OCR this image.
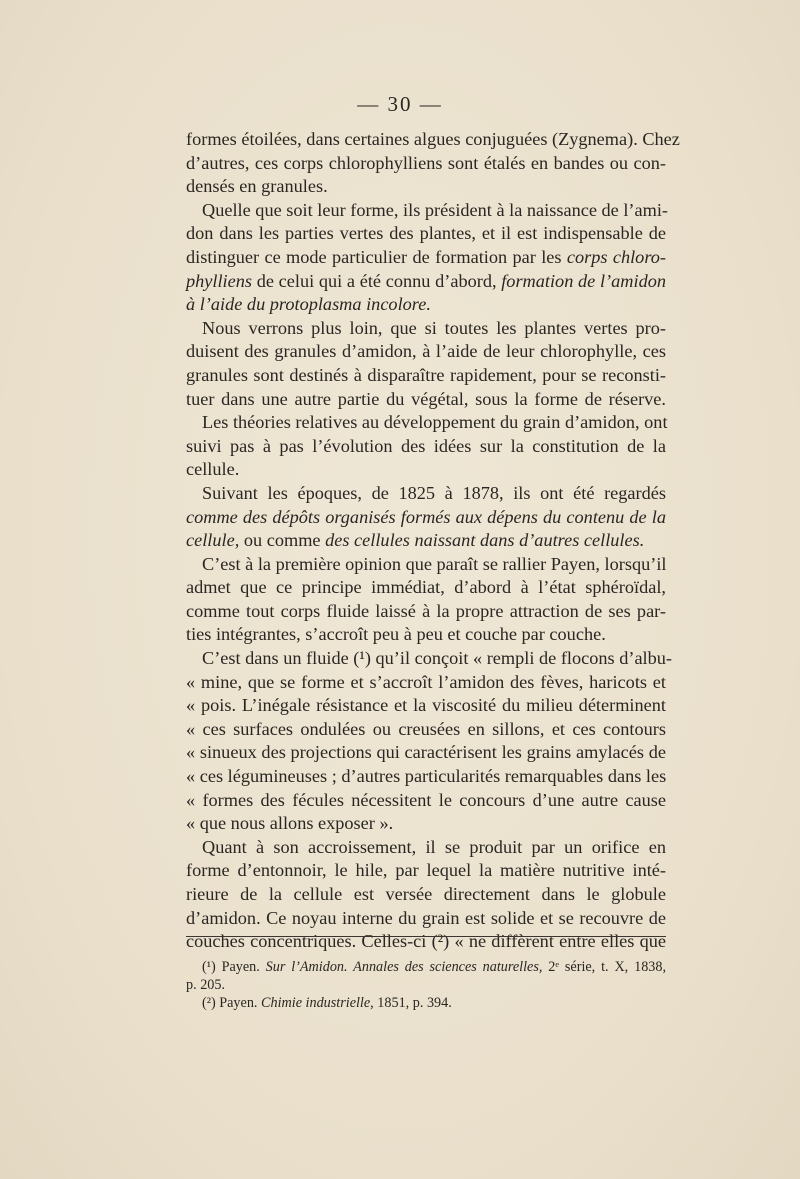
— 30 —
formes étoilées, dans certaines algues conjuguées (Zygnema). Chez
d’autres, ces corps chlorophylliens sont étalés en bandes ou con-
densés en granules.
Quelle que soit leur forme, ils président à la naissance de l’ami-
don dans les parties vertes des plantes, et il est indispensable de
distinguer ce mode particulier de formation par les corps chloro-
phylliens de celui qui a été connu d’abord, formation de l’amidon
à l’aide du protoplasma incolore.
Nous verrons plus loin, que si toutes les plantes vertes pro-
duisent des granules d’amidon, à l’aide de leur chlorophylle, ces
granules sont destinés à disparaître rapidement, pour se reconsti-
tuer dans une autre partie du végétal, sous la forme de réserve.
Les théories relatives au développement du grain d’amidon, ont
suivi pas à pas l’évolution des idées sur la constitution de la
cellule.
Suivant les époques, de 1825 à 1878, ils ont été regardés
comme des dépôts organisés formés aux dépens du contenu de la
cellule, ou comme des cellules naissant dans d’autres cellules.
C’est à la première opinion que paraît se rallier Payen, lorsqu’il
admet que ce principe immédiat, d’abord à l’état sphéroïdal,
comme tout corps fluide laissé à la propre attraction de ses par-
ties intégrantes, s’accroît peu à peu et couche par couche.
C’est dans un fluide (¹) qu’il conçoit « rempli de flocons d’albu-
« mine, que se forme et s’accroît l’amidon des fèves, haricots et
« pois. L’inégale résistance et la viscosité du milieu déterminent
« ces surfaces ondulées ou creusées en sillons, et ces contours
« sinueux des projections qui caractérisent les grains amylacés de
« ces légumineuses ; d’autres particularités remarquables dans les
« formes des fécules nécessitent le concours d’une autre cause
« que nous allons exposer ».
Quant à son accroissement, il se produit par un orifice en
forme d’entonnoir, le hile, par lequel la matière nutritive inté-
rieure de la cellule est versée directement dans le globule
d’amidon. Ce noyau interne du grain est solide et se recouvre de
couches concentriques. Celles-ci (²) « ne diffèrent entre elles que
(¹) Payen. Sur l’Amidon. Annales des sciences naturelles, 2ᵉ série, t. X, 1838,
p. 205.
(²) Payen. Chimie industrielle, 1851, p. 394.
